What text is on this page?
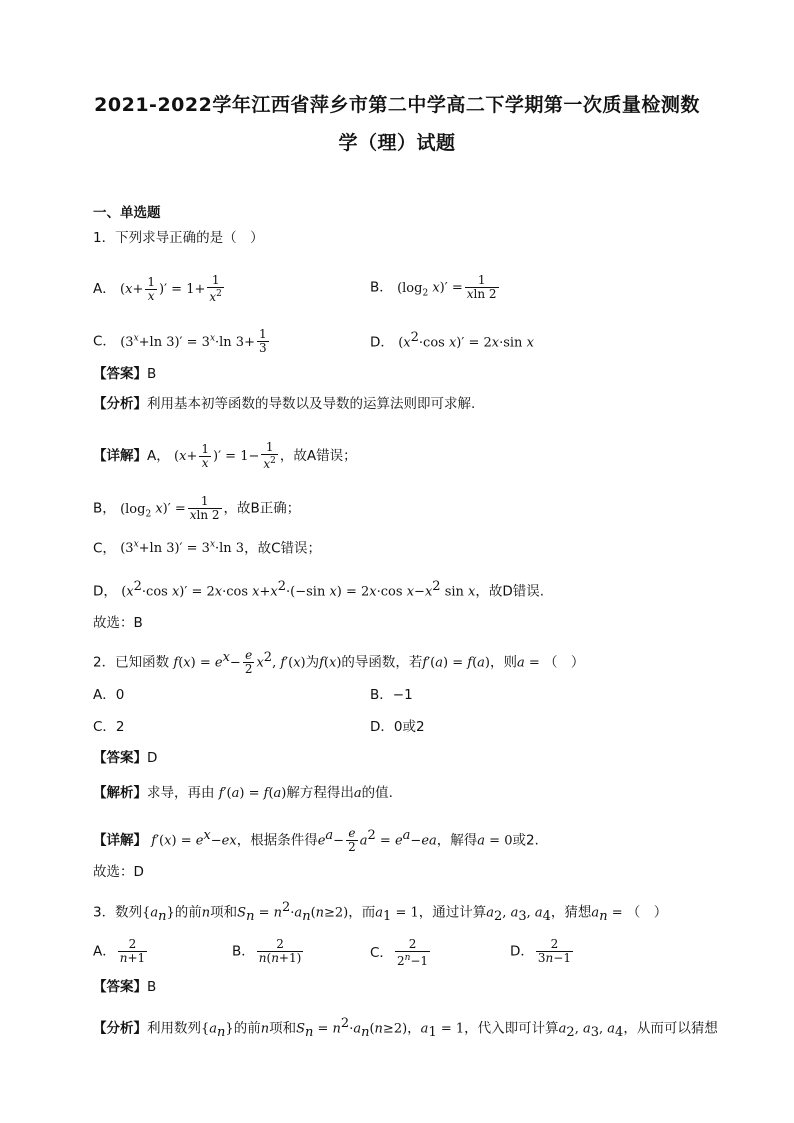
2021-2022学年江西省萍乡市第二中学高二下学期第一次质量检测数
学（理）试题
一、单选题
1．下列求导正确的是（　）
A． ($x+ \frac{1}{x}$ )′ = $1+ \frac{1}{x^2}$	B． ($\log_2$ $x)' = \frac{1}{xln 2}$
C． ($3^x+\ln$ $3)' = 3^x\cdot\ln$ $3+ \frac{1}{3}$	D． ($x^2\cdot\cos$ x)′ = 2x·sin x
【答案】B
【分析】利用基本初等函数的导数以及导数的运算法则即可求解.
【详解】A， ($x+ \frac{1}{x}$ )′ = $1- \frac{1}{x^2}$ ，故A错误；
B， ($\log_2$ $x)' = \frac{1}{xln 2}$ ，故B正确；
C， ($3^x+\ln$ $3)' = 3^x\cdot\ln$ 3，故C错误；
D， ($x^2\cdot\cos$ x)′ = 2x·cos $x+x^2\cdot(-\sin$ x) = 2x·cos $x-x^2$ sin x，故D错误.
故选：B
2．已知函数 $f(x) = e^x- \frac{e}{2} x^2$, f′(x)为f(x)的导函数，若f′(a) = f(a)，则a = （　）
A．0	B．−1
C．2	D．0或2
【答案】D
【解析】求导，再由 f′(a) = f(a)解方程得出a的值.
【详解】 $f'(x) = e^x-ex$，根据条件得$e^a- \frac{e}{2} a^2 = e^a-ea$，解得a = 0或2.
故选：D
3．数列$\{a_n\}$的前n项和$S_n = n^2\cdot a_n(n\ge 2)$，而$a_1 = 1$，通过计算$a_2$, $a_3$, $a_4$，猜想$a_n$ = （　）
A． $\frac{2}{n+1}$	B． $\frac{2}{n(n+1)}$	C． $\frac{2}{2^n-1}$	D． $\frac{2}{3n-1}$
【答案】B
【分析】利用数列$\{a_n\}$的前n项和$S_n = n^2\cdot a_n(n\ge 2)$，$a_1 = 1$，代入即可计算$a_2$, $a_3$, $a_4$，从而可以猜想
